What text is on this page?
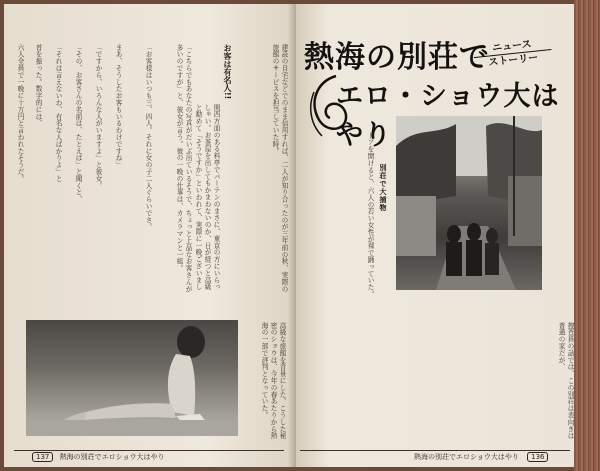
お客は有名人!!	建設の自宅などでのまま信用すれば、二人が知り合ったのが三年前の秋、実際の旅館のサービスを担当していた時。
関西方面のある料亭でバーテンのまさに、東京の方にいらっしゃい。お茶屋を出してもかまわないのか、日が経つと高級と勧めて「そうですか」といわれて、実際に一晩ございまし
「こちらでもあなたの写真がだいぶ出ているそうで、ちょっと上品なお客さんが多いのですが」と、彼女が言う。彼の一晩の仕事は、カメラマンと一組。
「お客様はいつも三、四人。それに女の子二人ぐらいでさ。
まあ、そうしたお客もいるわけですね」
「ですから、いろんな人がいますよ」と彼女。
「その、お客さんの名前は、たとえば」と聞くと、
「それは言えないわ、有名な人ばかりよ」と
首を振った。数字的には、
六人全員で一晩に十万円と言われたそうだ。
高級な旅館を背景にした、こうした秘密のショウは、今年の春あたりから熱海の一部で評判となっていた。
137 熱海の別荘でエロショウ大はやり
熱海の別荘で
エロ・ショウ大はやり
別荘で大捕物
ドアを開けると、六人の若い女性が裸で踊っていた。
捜査員の話では、この別荘は表向きは普通の家だが、
熱海の別荘でエロショウ大はやり 136
ニュース
ストーリー
